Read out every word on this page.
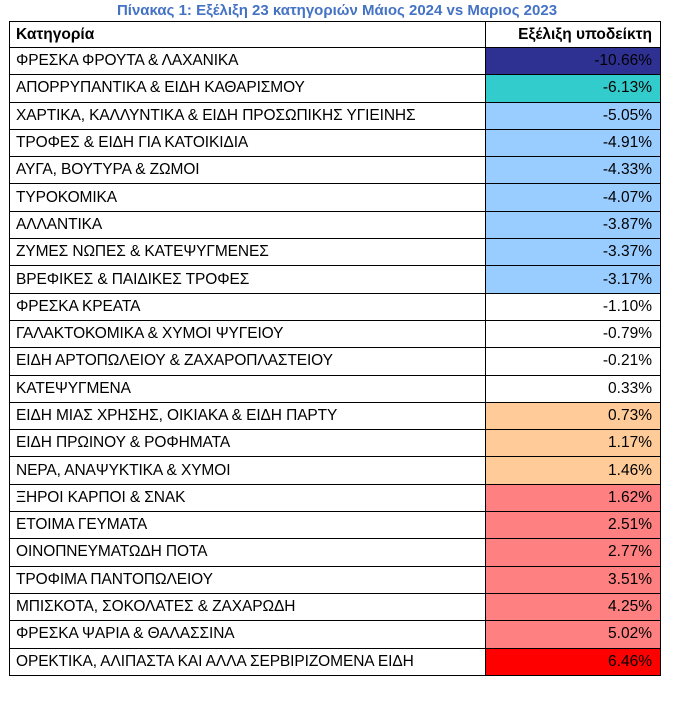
Πίνακας 1: Εξέλιξη 23 κατηγοριών Μάιος 2024 vs Μαριος 2023
Κατηγορία	Εξέλιξη υποδείκτη
ΦΡΕΣΚΑ ΦΡΟΥΤΑ & ΛΑΧΑΝΙΚΑ	-10.66%
ΑΠΟΡΡΥΠΑΝΤΙΚΑ & ΕΙΔΗ ΚΑΘΑΡΙΣΜΟΥ	-6.13%
ΧΑΡΤΙΚΑ, ΚΑΛΛΥΝΤΙΚΑ & ΕΙΔΗ ΠΡΟΣΩΠΙΚΗΣ ΥΓΙΕΙΝΗΣ	-5.05%
ΤΡΟΦΕΣ & ΕΙΔΗ ΓΙΑ ΚΑΤΟΙΚΙΔΙΑ	-4.91%
ΑΥΓΑ, ΒΟΥΤΥΡΑ & ΖΩΜΟΙ	-4.33%
ΤΥΡΟΚΟΜΙΚΑ	-4.07%
ΑΛΛΑΝΤΙΚΑ	-3.87%
ΖΥΜΕΣ ΝΩΠΕΣ & ΚΑΤΕΨΥΓΜΕΝΕΣ	-3.37%
ΒΡΕΦΙΚΕΣ & ΠΑΙΔΙΚΕΣ ΤΡΟΦΕΣ	-3.17%
ΦΡΕΣΚΑ ΚΡΕΑΤΑ	-1.10%
ΓΑΛΑΚΤΟΚΟΜΙΚΑ & ΧΥΜΟΙ ΨΥΓΕΙΟΥ	-0.79%
ΕΙΔΗ ΑΡΤΟΠΩΛΕΙΟΥ & ΖΑΧΑΡΟΠΛΑΣΤΕΙΟΥ	-0.21%
ΚΑΤΕΨΥΓΜΕΝΑ	0.33%
ΕΙΔΗ ΜΙΑΣ ΧΡΗΣΗΣ, ΟΙΚΙΑΚΑ & ΕΙΔΗ ΠΑΡΤΥ	0.73%
ΕΙΔΗ ΠΡΩΙΝΟΥ & ΡΟΦΗΜΑΤΑ	1.17%
ΝΕΡΑ, ΑΝΑΨΥΚΤΙΚΑ & ΧΥΜΟΙ	1.46%
ΞΗΡΟΙ ΚΑΡΠΟΙ & ΣΝΑΚ	1.62%
ΕΤΟΙΜΑ ΓΕΥΜΑΤΑ	2.51%
ΟΙΝΟΠΝΕΥΜΑΤΩΔΗ ΠΟΤΑ	2.77%
ΤΡΟΦΙΜΑ ΠΑΝΤΟΠΩΛΕΙΟΥ	3.51%
ΜΠΙΣΚΟΤΑ, ΣΟΚΟΛΑΤΕΣ & ΖΑΧΑΡΩΔΗ	4.25%
ΦΡΕΣΚΑ ΨΑΡΙΑ & ΘΑΛΑΣΣΙΝΑ	5.02%
ΟΡΕΚΤΙΚΑ, ΑΛΙΠΑΣΤΑ ΚΑΙ ΑΛΛΑ ΣΕΡΒΙΡΙΖΟΜΕΝΑ ΕΙΔΗ	6.46%
